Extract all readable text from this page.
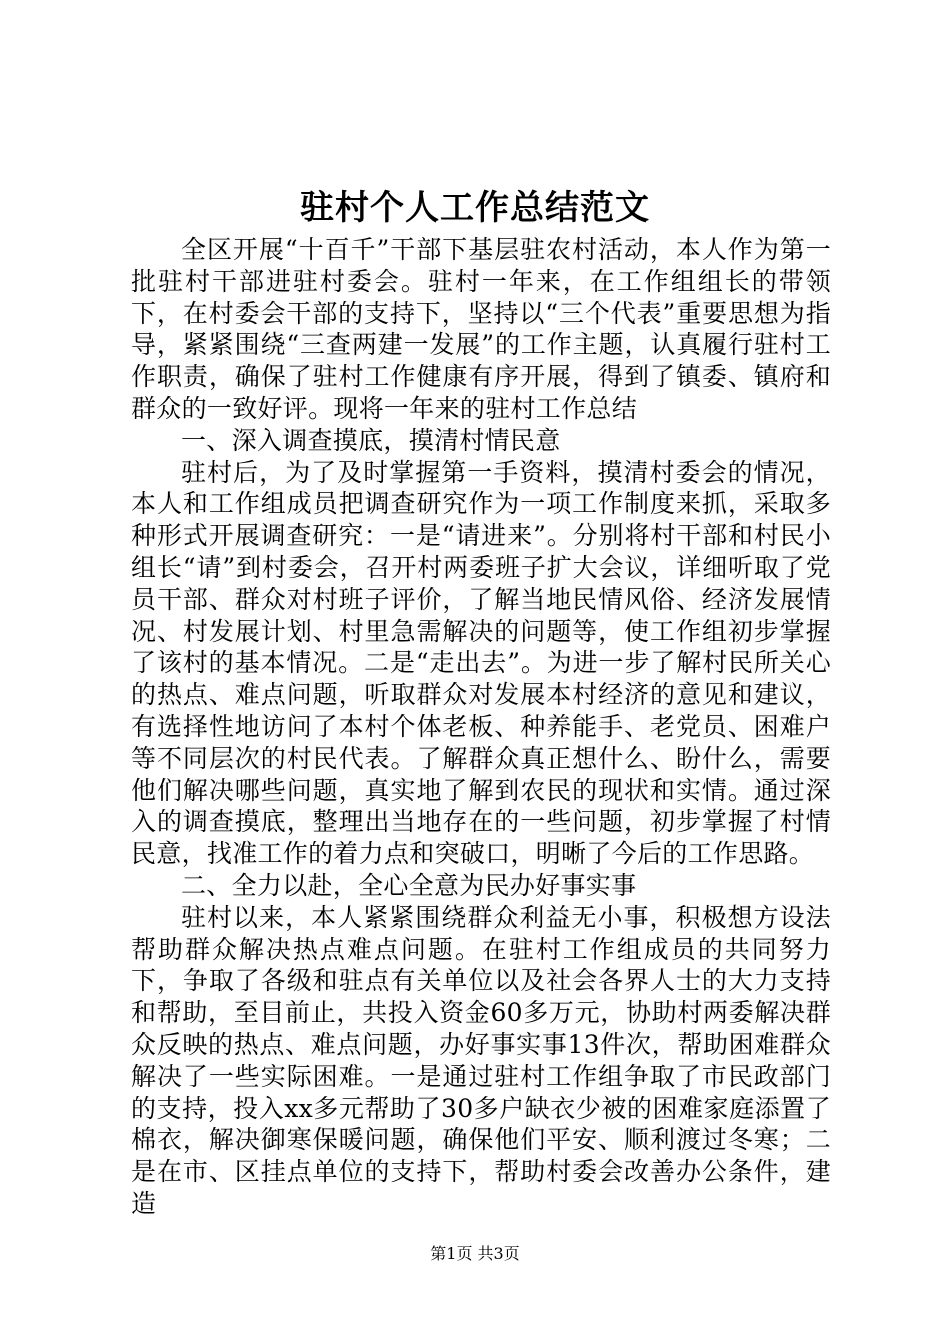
驻村个人工作总结范文

全区开展“十百千”干部下基层驻农村活动，本人作为第一批驻村干部进驻村委会。驻村一年来，在工作组组长的带领下，在村委会干部的支持下，坚持以“三个代表”重要思想为指导，紧紧围绕“三查两建一发展”的工作主题，认真履行驻村工作职责，确保了驻村工作健康有序开展，得到了镇委、镇府和群众的一致好评。现将一年来的驻村工作总结

一、深入调查摸底，摸清村情民意

驻村后，为了及时掌握第一手资料，摸清村委会的情况，本人和工作组成员把调查研究作为一项工作制度来抓，采取多种形式开展调查研究：一是“请进来”。分别将村干部和村民小组长“请”到村委会，召开村两委班子扩大会议，详细听取了党员干部、群众对村班子评价，了解当地民情风俗、经济发展情况、村发展计划、村里急需解决的问题等，使工作组初步掌握了该村的基本情况。二是“走出去”。为进一步了解村民所关心的热点、难点问题，听取群众对发展本村经济的意见和建议，有选择性地访问了本村个体老板、种养能手、老党员、困难户等不同层次的村民代表。了解群众真正想什么、盼什么，需要他们解决哪些问题，真实地了解到农民的现状和实情。通过深入的调查摸底，整理出当地存在的一些问题，初步掌握了村情民意，找准工作的着力点和突破口，明晰了今后的工作思路。

二、全力以赴，全心全意为民办好事实事

驻村以来，本人紧紧围绕群众利益无小事，积极想方设法帮助群众解决热点难点问题。在驻村工作组成员的共同努力下，争取了各级和驻点有关单位以及社会各界人士的大力支持和帮助，至目前止，共投入资金60多万元，协助村两委解决群众反映的热点、难点问题，办好事实事13件次，帮助困难群众解决了一些实际困难。一是通过驻村工作组争取了市民政部门的支持，投入xx多元帮助了30多户缺衣少被的困难家庭添置了棉衣，解决御寒保暖问题，确保他们平安、顺利渡过冬寒；二是在市、区挂点单位的支持下，帮助村委会改善办公条件，建造

第1页 共3页
